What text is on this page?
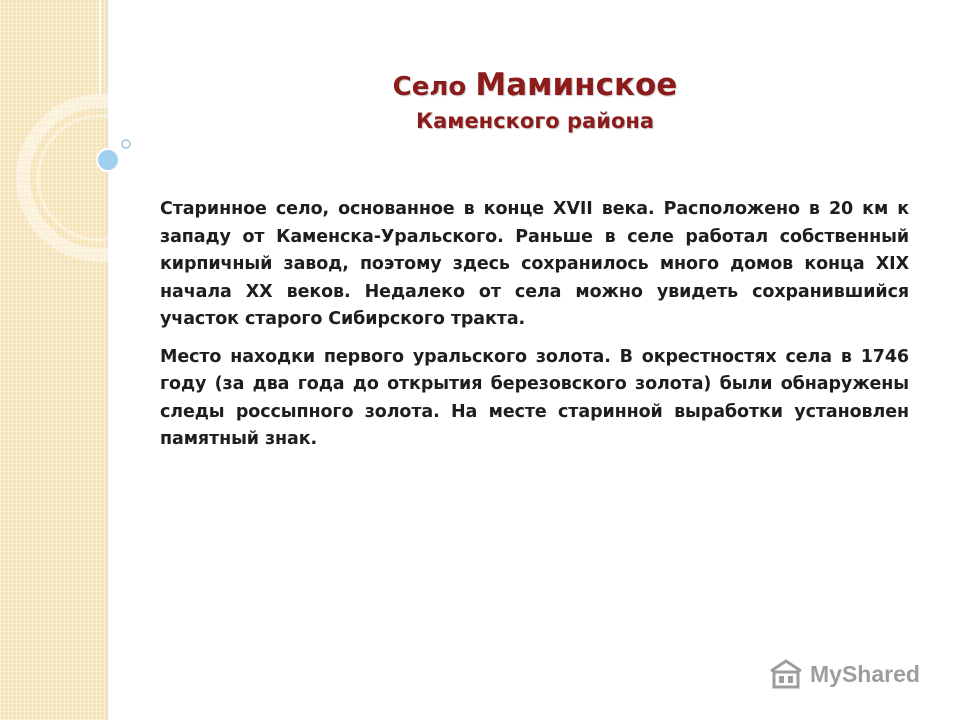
Село Маминское
Каменского района

Старинное село, основанное в конце XVII века. Расположено в 20 км к западу от Каменска-Уральского. Раньше в селе работал собственный кирпичный завод, поэтому здесь сохранилось много домов конца XIX начала XX веков. Недалеко от села можно увидеть сохранившийся участок старого Сибирского тракта.

Место находки первого уральского золота. В окрестностях села в 1746 году (за два года до открытия березовского золота) были обнаружены следы россыпного золота. На месте старинной выработки установлен памятный знак.

MyShared
